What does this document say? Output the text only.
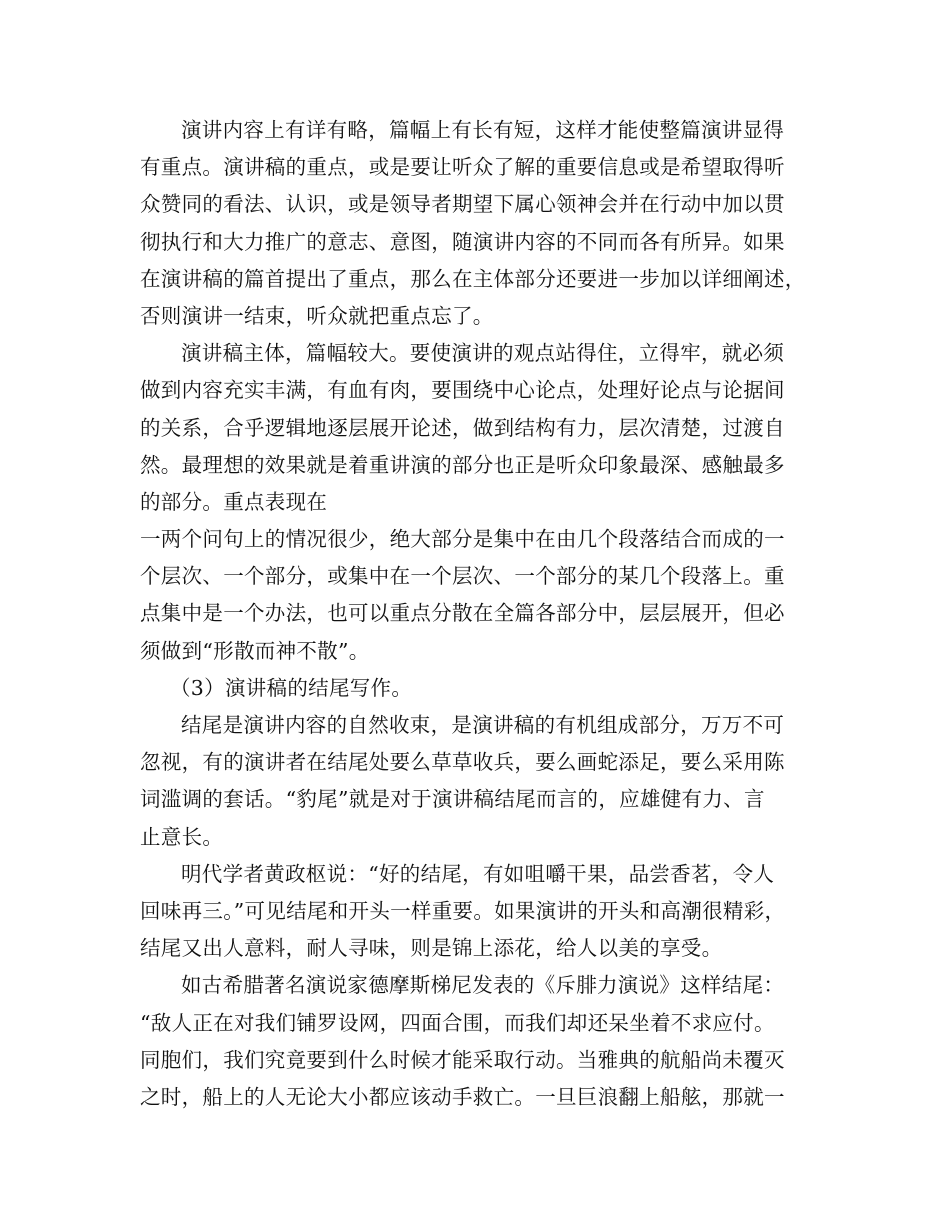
演讲内容上有详有略，篇幅上有长有短，这样才能使整篇演讲显得
有重点。演讲稿的重点，或是要让听众了解的重要信息或是希望取得听
众赞同的看法、认识，或是领导者期望下属心领神会并在行动中加以贯
彻执行和大力推广的意志、意图，随演讲内容的不同而各有所异。如果
在演讲稿的篇首提出了重点，那么在主体部分还要进一步加以详细阐述，
否则演讲一结束，听众就把重点忘了。
演讲稿主体，篇幅较大。要使演讲的观点站得住，立得牢，就必须
做到内容充实丰满，有血有肉，要围绕中心论点，处理好论点与论据间
的关系，合乎逻辑地逐层展开论述，做到结构有力，层次清楚，过渡自
然。最理想的效果就是着重讲演的部分也正是听众印象最深、感触最多
的部分。重点表现在
一两个问句上的情况很少，绝大部分是集中在由几个段落结合而成的一
个层次、一个部分，或集中在一个层次、一个部分的某几个段落上。重
点集中是一个办法，也可以重点分散在全篇各部分中，层层展开，但必
须做到“形散而神不散”。
（3）演讲稿的结尾写作。
结尾是演讲内容的自然收束，是演讲稿的有机组成部分，万万不可
忽视，有的演讲者在结尾处要么草草收兵，要么画蛇添足，要么采用陈
词滥调的套话。“豹尾”就是对于演讲稿结尾而言的，应雄健有力、言
止意长。
明代学者黄政枢说：“好的结尾，有如咀嚼干果，品尝香茗，令人
回味再三。”可见结尾和开头一样重要。如果演讲的开头和高潮很精彩，
结尾又出人意料，耐人寻味，则是锦上添花，给人以美的享受。
如古希腊著名演说家德摩斯梯尼发表的《斥腓力演说》这样结尾：
“敌人正在对我们铺罗设网，四面合围，而我们却还呆坐着不求应付。
同胞们，我们究竟要到什么时候才能采取行动。当雅典的航船尚未覆灭
之时，船上的人无论大小都应该动手救亡。一旦巨浪翻上船舷，那就一
